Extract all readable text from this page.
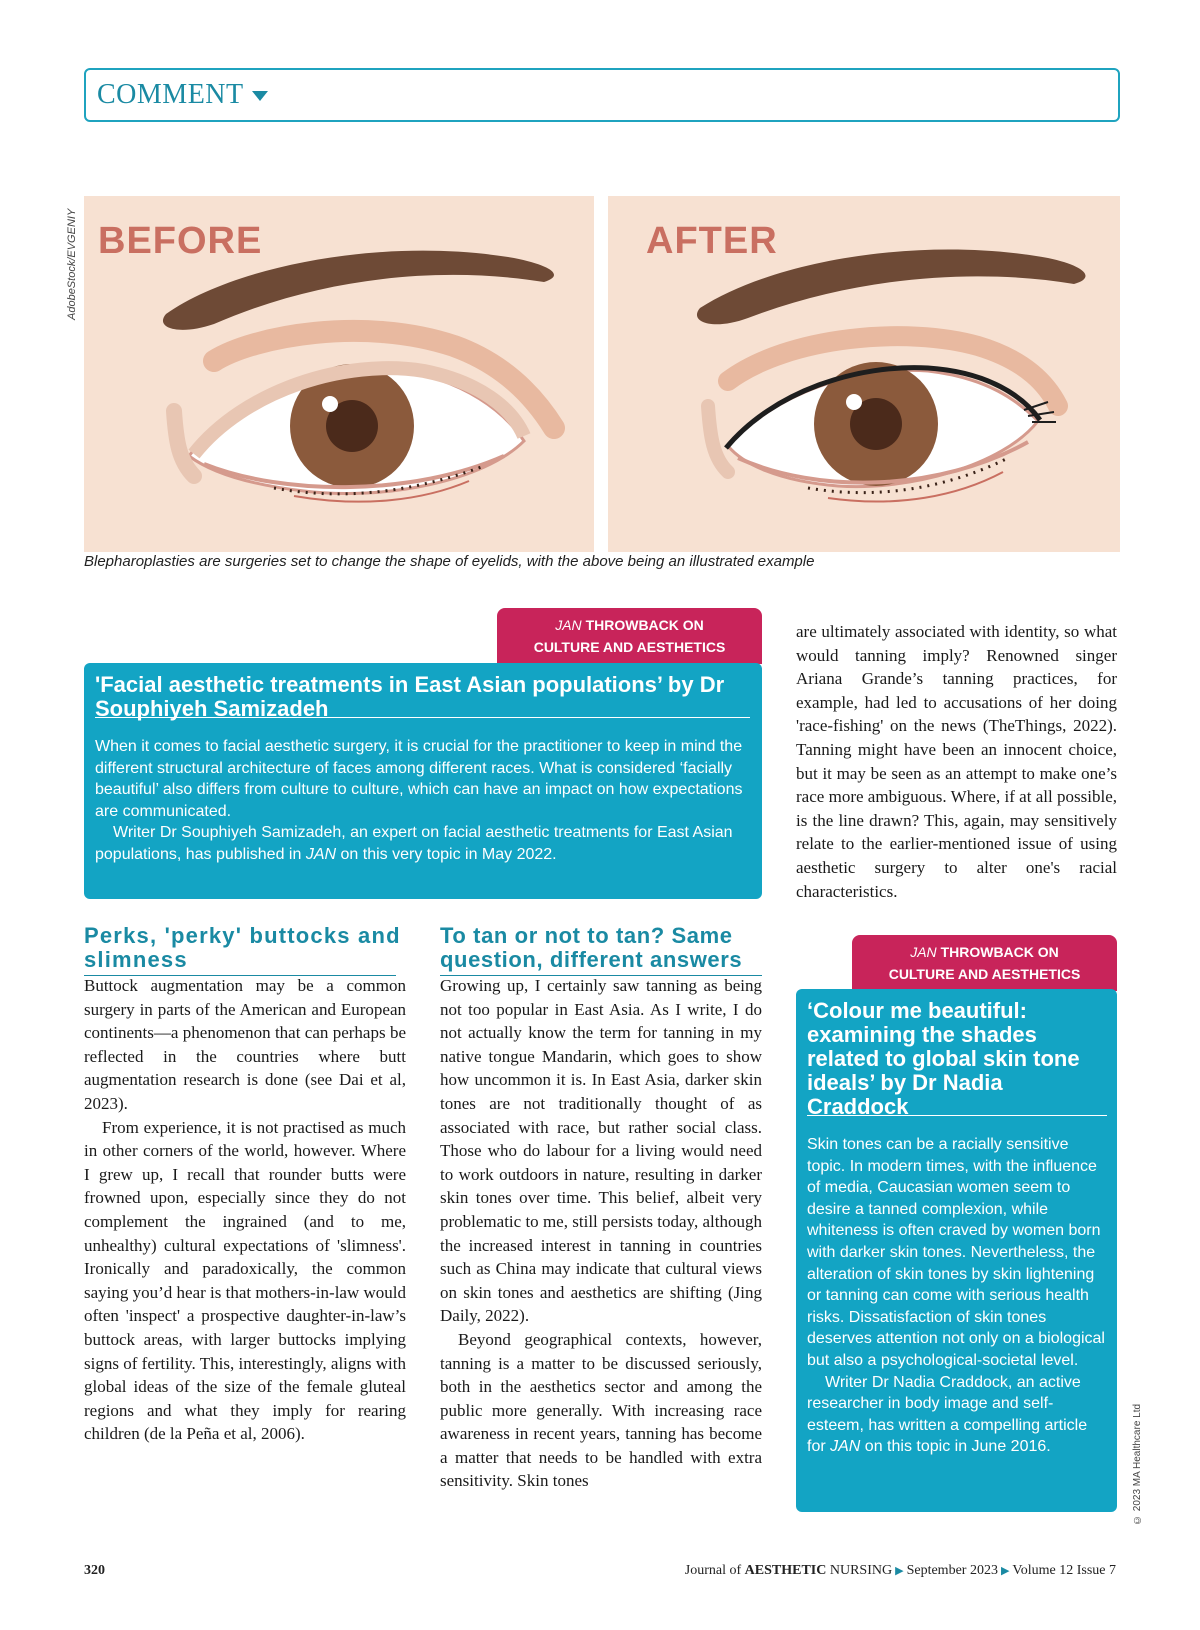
COMMENT
AdobeStock/EVGENIY BEFORE	AFTER
Blepharoplasties are surgeries set to change the shape of eyelids, with the above being an illustrated example
JAN THROWBACK ON
CULTURE AND AESTHETICS
'Facial aesthetic treatments in East Asian populations’ by Dr Souphiyeh Samizadeh

When it comes to facial aesthetic surgery, it is crucial for the practitioner to keep in mind the different structural architecture of faces among different races. What is considered ‘facially beautiful’ also differs from culture to culture, which can have an impact on how expectations are communicated.

Writer Dr Souphiyeh Samizadeh, an expert on facial aesthetic treatments for East Asian populations, has published in JAN on this very topic in May 2022.

Perks, 'perky' buttocks and slimness

Buttock augmentation may be a common surgery in parts of the American and European continents—a phenomenon that can perhaps be reflected in the countries where butt augmentation research is done (see Dai et al, 2023).

From experience, it is not practised as much in other corners of the world, however. Where I grew up, I recall that rounder butts were frowned upon, especially since they do not complement the ingrained (and to me, unhealthy) cultural expectations of 'slimness'. Ironically and paradoxically, the common saying you’d hear is that mothers-in-law would often 'inspect' a prospective daughter-in-law’s buttock areas, with larger buttocks implying signs of fertility. This, interestingly, aligns with global ideas of the size of the female gluteal regions and what they imply for rearing children (de la Peña et al, 2006).

To tan or not to tan? Same question, different answers

Growing up, I certainly saw tanning as being not too popular in East Asia. As I write, I do not actually know the term for tanning in my native tongue Mandarin, which goes to show how uncommon it is. In East Asia, darker skin tones are not traditionally thought of as associated with race, but rather social class. Those who do labour for a living would need to work outdoors in nature, resulting in darker skin tones over time. This belief, albeit very problematic to me, still persists today, although the increased interest in tanning in countries such as China may indicate that cultural views on skin tones and aesthetics are shifting (Jing Daily, 2022).

Beyond geographical contexts, however, tanning is a matter to be discussed seriously, both in the aesthetics sector and among the public more generally. With increasing race awareness in recent years, tanning has become a matter that needs to be handled with extra sensitivity. Skin tones

are ultimately associated with identity, so what would tanning imply? Renowned singer Ariana Grande’s tanning practices, for example, had led to accusations of her doing 'race-fishing' on the news (TheThings, 2022). Tanning might have been an innocent choice, but it may be seen as an attempt to make one’s race more ambiguous. Where, if at all possible, is the line drawn? This, again, may sensitively relate to the earlier-mentioned issue of using aesthetic surgery to alter one's racial characteristics.

JAN THROWBACK ON
CULTURE AND AESTHETICS
‘Colour me beautiful: examining the shades related to global skin tone ideals’ by Dr Nadia Craddock

Skin tones can be a racially sensitive topic. In modern times, with the influence of media, Caucasian women seem to desire a tanned complexion, while whiteness is often craved by women born with darker skin tones. Nevertheless, the alteration of skin tones by skin lightening or tanning can come with serious health risks. Dissatisfaction of skin tones deserves attention not only on a biological but also a psychological-societal level.

Writer Dr Nadia Craddock, an active researcher in body image and self-esteem, has written a compelling article for JAN on this topic in June 2016.	© 2023 MA Healthcare Ltd
320	Journal of AESTHETIC NURSING ▶ September 2023 ▶ Volume 12 Issue 7
